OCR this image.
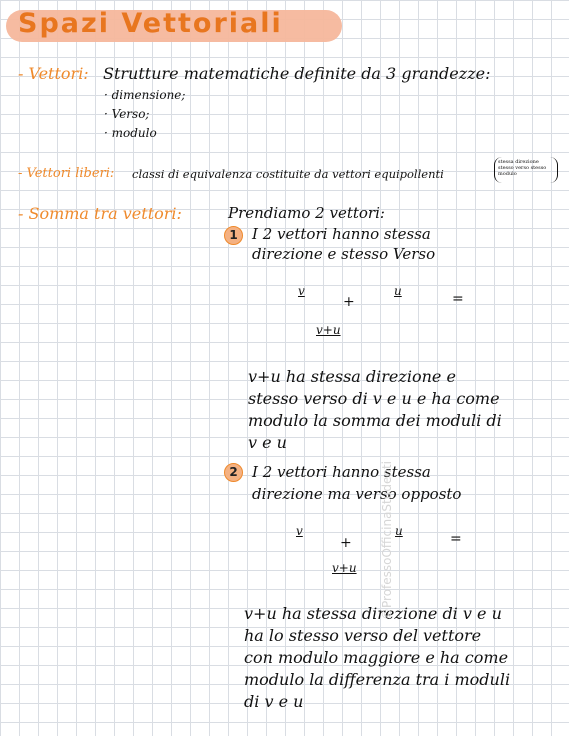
Spazi Vettoriali
- Vettori: Strutture matematiche definite da 3 grandezze:
· dimensione;
· Verso;
· modulo
- Vettori liberi: classi di equivalenza costituite da vettori equipollenti
stessa direzione stesso verso stesso modulo
- Somma tra vettori:	Prendiamo 2 vettori:
1 I 2 vettori hanno stessa
direzione e stesso Verso
v
+
u	=
v+u
v+u ha stessa direzione e stesso verso di v e u e ha come modulo la somma dei moduli di v e u
2 I 2 vettori hanno stessa
direzione ma verso opposto
v
+
u	=
v+u
v+u ha stessa direzione di v e u ha lo stesso verso del vettore con modulo maggiore e ha come modulo la differenza tra i moduli di v e u
©ProfessoOfficinaStudenti
